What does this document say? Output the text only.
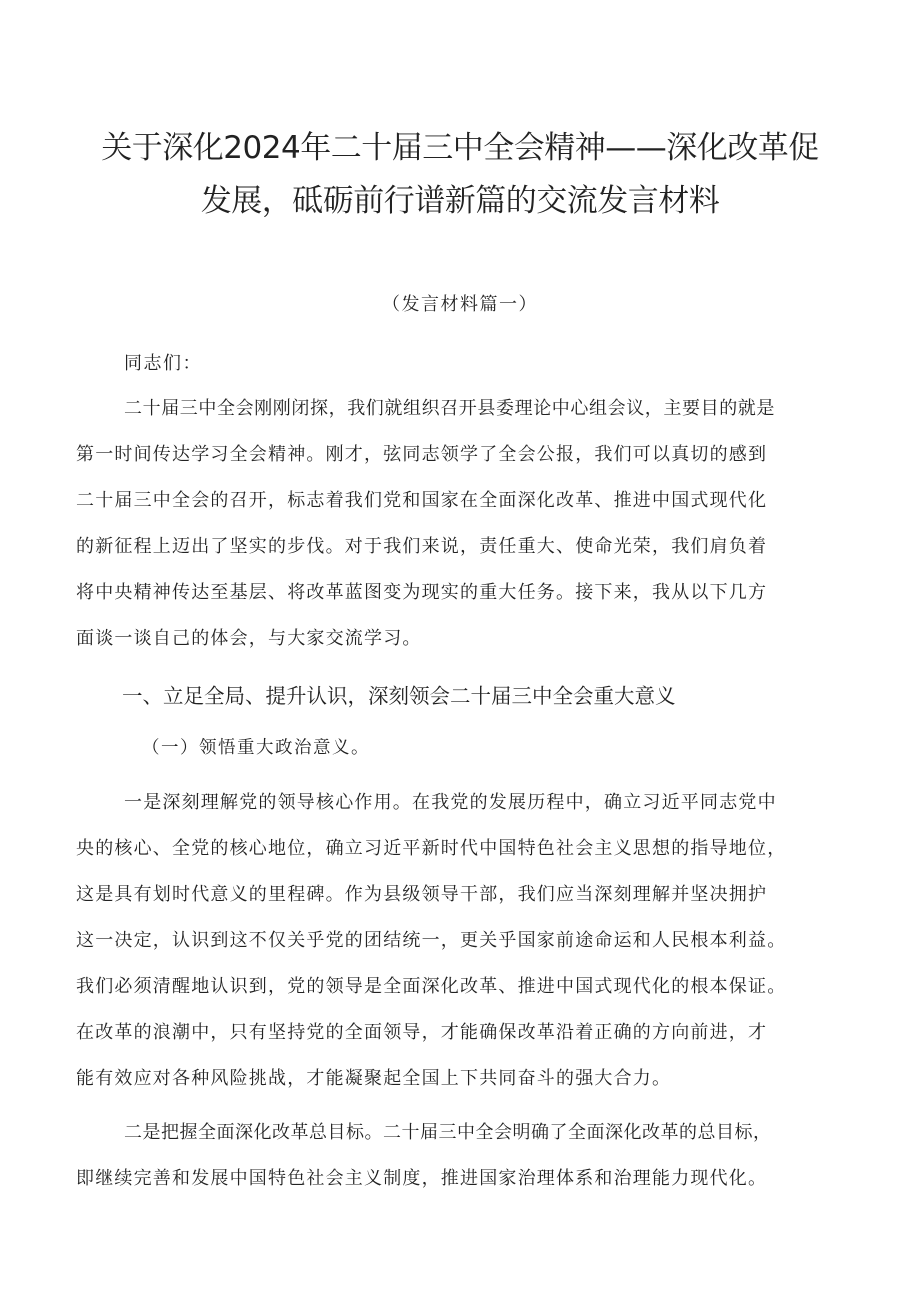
关于深化2024年二十届三中全会精神——深化改革促
发展，砥砺前行谱新篇的交流发言材料
（发言材料篇一）
同志们：
二十届三中全会刚刚闭探，我们就组织召开县委理论中心组会议，主要目的就是
第一时间传达学习全会精神。刚才，弦同志领学了全会公报，我们可以真切的感到
二十届三中全会的召开，标志着我们党和国家在全面深化改革、推进中国式现代化
的新征程上迈出了坚实的步伐。对于我们来说，责任重大、使命光荣，我们肩负着
将中央精神传达至基层、将改革蓝图变为现实的重大任务。接下来，我从以下几方
面谈一谈自己的体会，与大家交流学习。
一、立足全局、提升认识，深刻领会二十届三中全会重大意义
（一）领悟重大政治意义。
一是深刻理解党的领导核心作用。在我党的发展历程中，确立习近平同志党中
央的核心、全党的核心地位，确立习近平新时代中国特色社会主义思想的指导地位，
这是具有划时代意义的里程碑。作为县级领导干部，我们应当深刻理解并坚决拥护
这一决定，认识到这不仅关乎党的团结统一，更关乎国家前途命运和人民根本利益。
我们必须清醒地认识到，党的领导是全面深化改革、推进中国式现代化的根本保证。
在改革的浪潮中，只有坚持党的全面领导，才能确保改革沿着正确的方向前进，才
能有效应对各种风险挑战，才能凝聚起全国上下共同奋斗的强大合力。
二是把握全面深化改革总目标。二十届三中全会明确了全面深化改革的总目标，
即继续完善和发展中国特色社会主义制度，推进国家治理体系和治理能力现代化。
